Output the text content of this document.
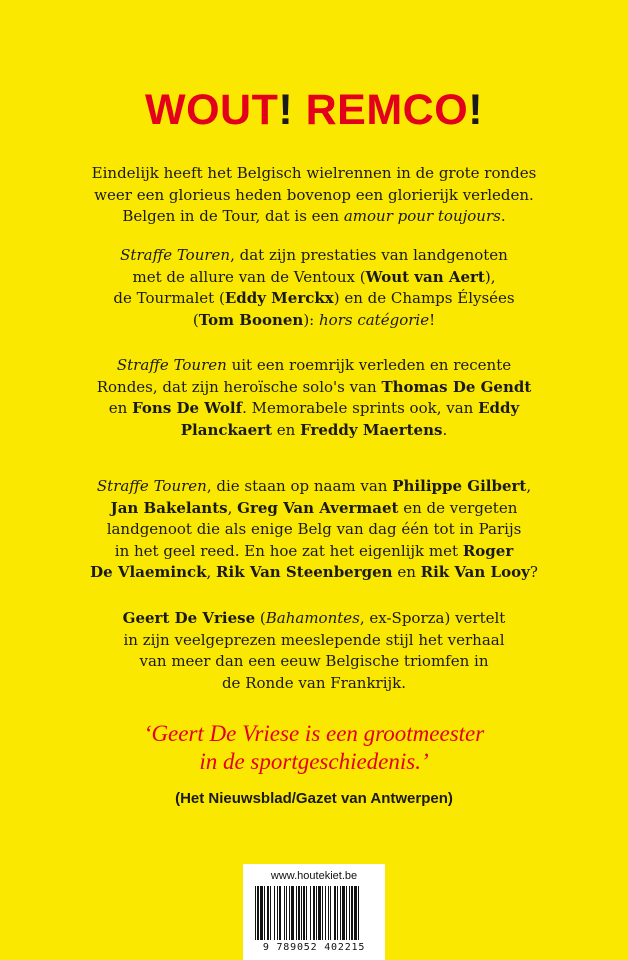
WOUT! REMCO!
Eindelijk heeft het Belgisch wielrennen in de grote rondes
weer een glorieus heden bovenop een glorierijk verleden.
Belgen in de Tour, dat is een amour pour toujours.
Straffe Touren, dat zijn prestaties van landgenoten
met de allure van de Ventoux (Wout van Aert),
de Tourmalet (Eddy Merckx) en de Champs Élysées
(Tom Boonen): hors catégorie!
Straffe Touren uit een roemrijk verleden en recente
Rondes, dat zijn heroïsche solo's van Thomas De Gendt
en Fons De Wolf. Memorabele sprints ook, van Eddy
Planckaert en Freddy Maertens.
Straffe Touren, die staan op naam van Philippe Gilbert,
Jan Bakelants, Greg Van Avermaet en de vergeten
landgenoot die als enige Belg van dag één tot in Parijs
in het geel reed. En hoe zat het eigenlijk met Roger
De Vlaeminck, Rik Van Steenbergen en Rik Van Looy?
Geert De Vriese (Bahamontes, ex-Sporza) vertelt
in zijn veelgeprezen meeslepende stijl het verhaal
van meer dan een eeuw Belgische triomfen in
de Ronde van Frankrijk.
‘Geert De Vriese is een grootmeester
in de sportgeschiedenis.’
(Het Nieuwsblad/Gazet van Antwerpen)
www.houtekiet.be
9 789052 402215
